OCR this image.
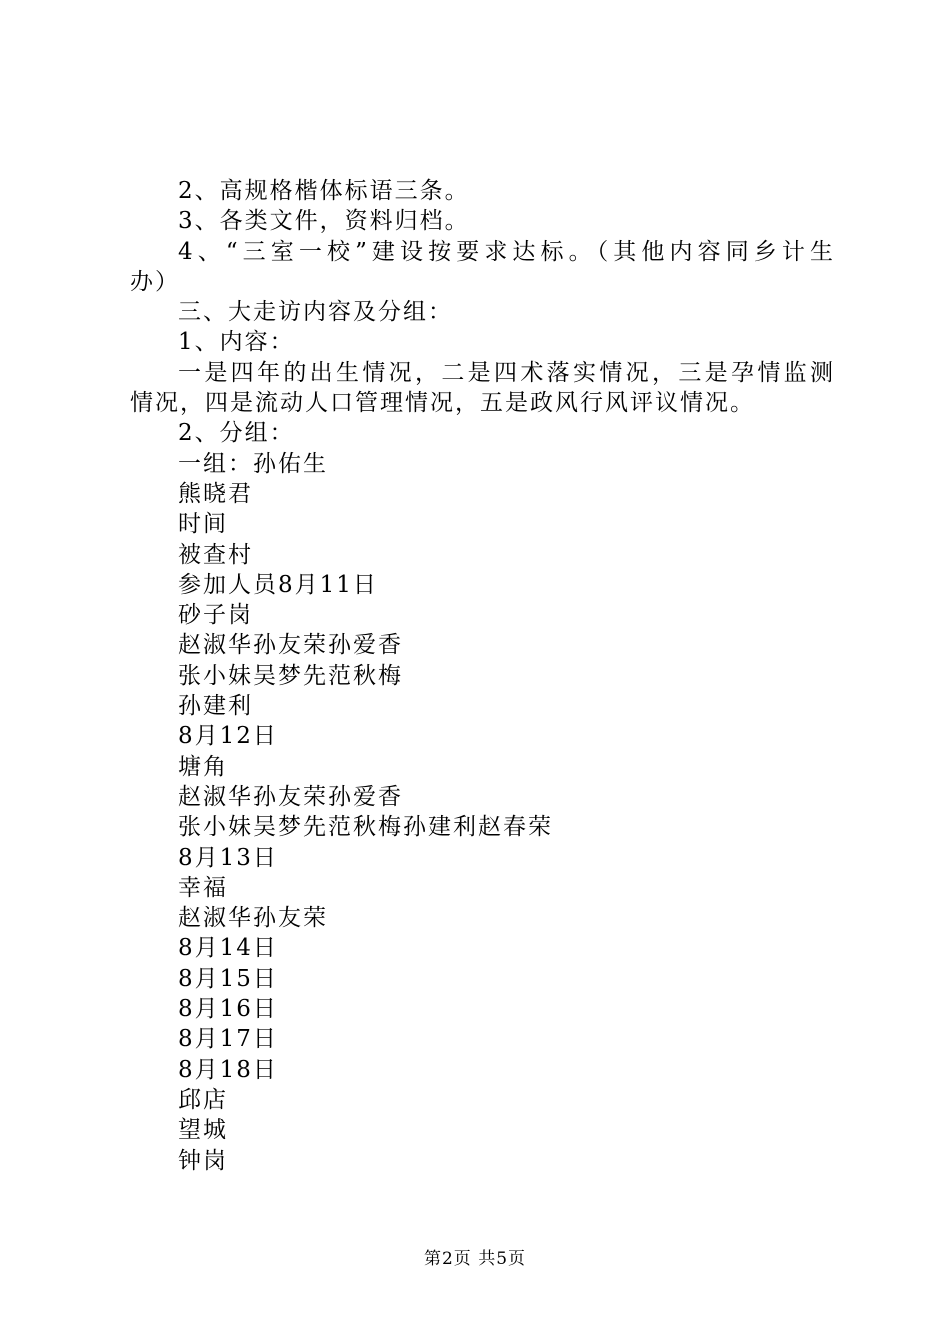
2、高规格楷体标语三条。
3、各类文件，资料归档。
4、“三室一校”建设按要求达标。（其他内容同乡计生
办）
三、大走访内容及分组：
1、内容：
一是四年的出生情况，二是四术落实情况，三是孕情监测
情况，四是流动人口管理情况，五是政风行风评议情况。
2、分组：
一组：孙佑生
熊晓君
时间
被查村
参加人员8月11日
砂子岗
赵淑华孙友荣孙爱香
张小妹吴梦先范秋梅
孙建利
8月12日
塘角
赵淑华孙友荣孙爱香
张小妹吴梦先范秋梅孙建利赵春荣
8月13日
幸福
赵淑华孙友荣
8月14日
8月15日
8月16日
8月17日
8月18日
邱店
望城
钟岗
第2页 共5页
